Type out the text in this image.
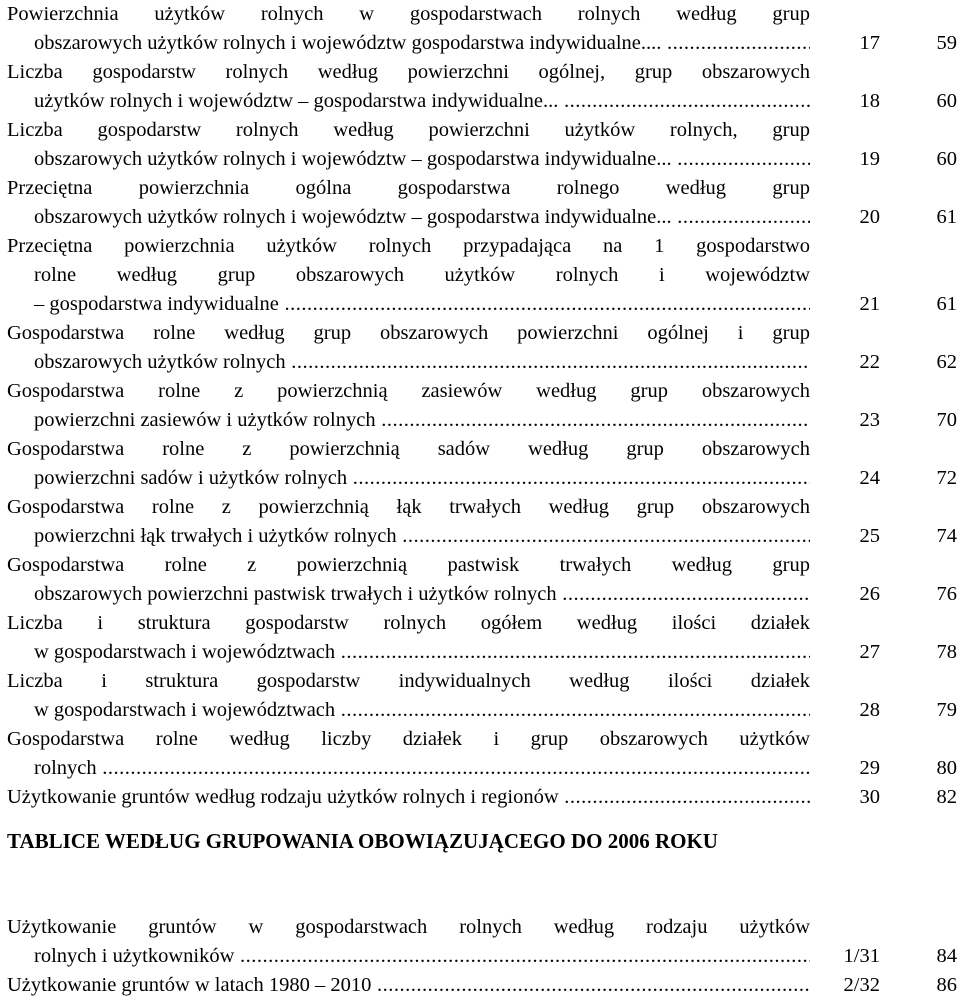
Powierzchnia użytków rolnych w gospodarstwach rolnych według grup
obszarowych użytków rolnych i województw gospodarstwa indywidualne.... .....	17	59
Liczba gospodarstw rolnych według powierzchni ogólnej, grup obszarowych
użytków rolnych i województw – gospodarstwa indywidualne... .....	18	60
Liczba gospodarstw rolnych według powierzchni użytków rolnych, grup
obszarowych użytków rolnych i województw – gospodarstwa indywidualne... .....	19	60
Przeciętna powierzchnia ogólna gospodarstwa rolnego według grup
obszarowych użytków rolnych i województw – gospodarstwa indywidualne... .....	20	61
Przeciętna powierzchnia użytków rolnych przypadająca na 1 gospodarstwo
rolne według grup obszarowych użytków rolnych i województw
– gospodarstwa indywidualne .....	21	61
Gospodarstwa rolne według grup obszarowych powierzchni ogólnej i grup
obszarowych użytków rolnych .....	22	62
Gospodarstwa rolne z powierzchnią zasiewów według grup obszarowych
powierzchni zasiewów i użytków rolnych .....	23	70
Gospodarstwa rolne z powierzchnią sadów według grup obszarowych
powierzchni sadów i użytków rolnych .....	24	72
Gospodarstwa rolne z powierzchnią łąk trwałych według grup obszarowych
powierzchni łąk trwałych i użytków rolnych .....	25	74
Gospodarstwa rolne z powierzchnią pastwisk trwałych według grup
obszarowych powierzchni pastwisk trwałych i użytków rolnych .....	26	76
Liczba i struktura gospodarstw rolnych ogółem według ilości działek
w gospodarstwach i województwach .....	27	78
Liczba i struktura gospodarstw indywidualnych według ilości działek
w gospodarstwach i województwach .....	28	79
Gospodarstwa rolne według liczby działek i grup obszarowych użytków
rolnych .....	29	80
Użytkowanie gruntów według rodzaju użytków rolnych i regionów .....	30	82
TABLICE WEDŁUG GRUPOWANIA OBOWIĄZUJĄCEGO DO 2006 ROKU
Użytkowanie gruntów w gospodarstwach rolnych według rodzaju użytków
rolnych i użytkowników .....	1/31	84
Użytkowanie gruntów w latach 1980 – 2010 .....	2/32	86
